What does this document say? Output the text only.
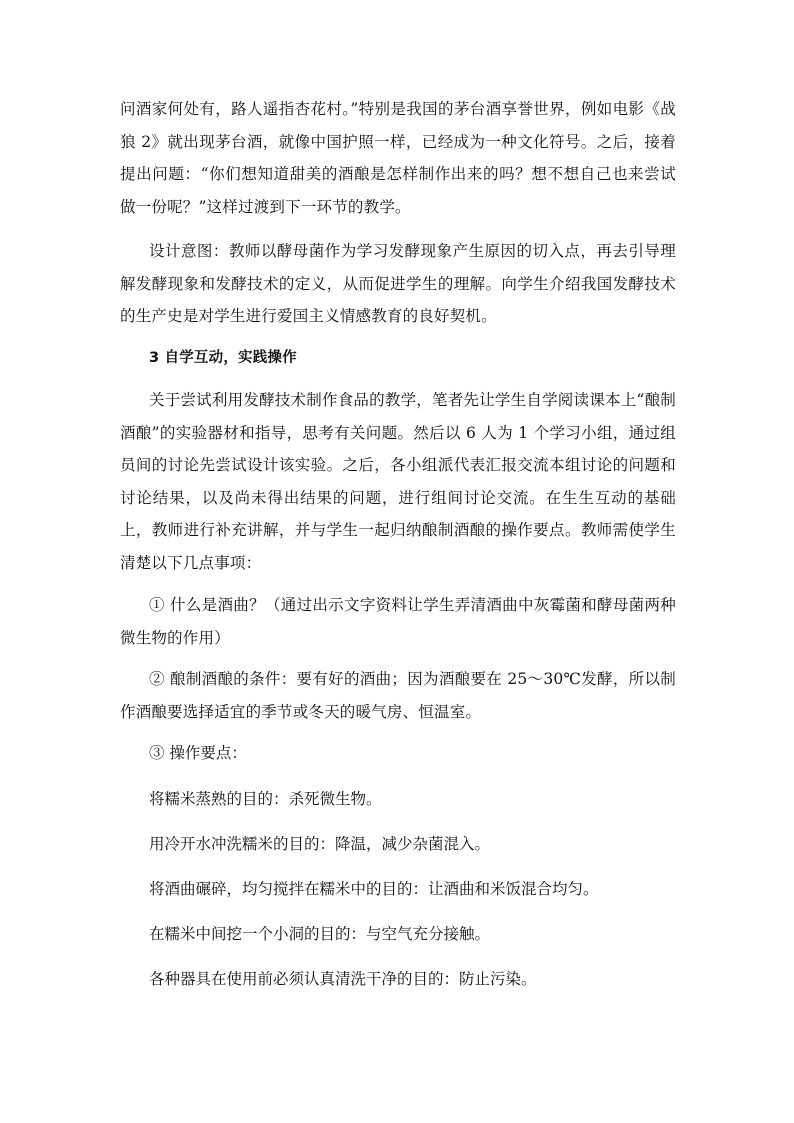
问酒家何处有，路人遥指杏花村。”特别是我国的茅台酒享誉世界，例如电影《战狼 2》就出现茅台酒，就像中国护照一样，已经成为一种文化符号。之后，接着提出问题：“你们想知道甜美的酒酿是怎样制作出来的吗？想不想自己也来尝试做一份呢？”这样过渡到下一环节的教学。

设计意图：教师以酵母菌作为学习发酵现象产生原因的切入点，再去引导理解发酵现象和发酵技术的定义，从而促进学生的理解。向学生介绍我国发酵技术的生产史是对学生进行爱国主义情感教育的良好契机。

3 自学互动，实践操作

关于尝试利用发酵技术制作食品的教学，笔者先让学生自学阅读课本上“酿制酒酿”的实验器材和指导，思考有关问题。然后以 6 人为 1 个学习小组，通过组员间的讨论先尝试设计该实验。之后，各小组派代表汇报交流本组讨论的问题和讨论结果，以及尚未得出结果的问题，进行组间讨论交流。在生生互动的基础上，教师进行补充讲解，并与学生一起归纳酿制酒酿的操作要点。教师需使学生清楚以下几点事项：

① 什么是酒曲？（通过出示文字资料让学生弄清酒曲中灰霉菌和酵母菌两种微生物的作用）

② 酿制酒酿的条件：要有好的酒曲；因为酒酿要在 25～30℃发酵，所以制作酒酿要选择适宜的季节或冬天的暖气房、恒温室。

③ 操作要点：

将糯米蒸熟的目的：杀死微生物。

用冷开水冲洗糯米的目的：降温，减少杂菌混入。

将酒曲碾碎，均匀搅拌在糯米中的目的：让酒曲和米饭混合均匀。

在糯米中间挖一个小洞的目的：与空气充分接触。

各种器具在使用前必须认真清洗干净的目的：防止污染。
